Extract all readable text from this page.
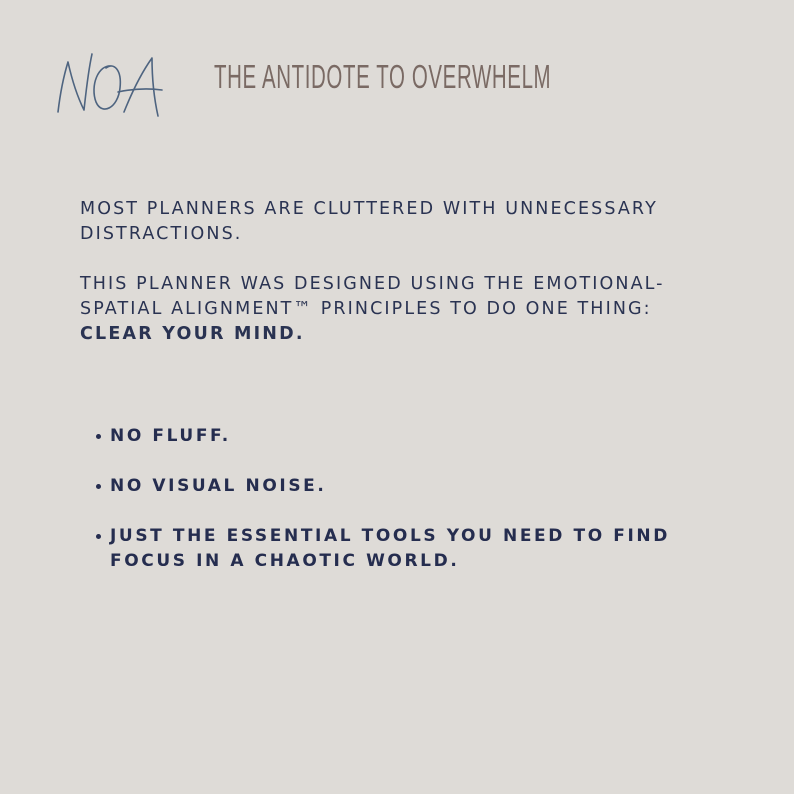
NOA
THE ANTIDOTE TO OVERWHELM

MOST PLANNERS ARE CLUTTERED WITH UNNECESSARY DISTRACTIONS.

THIS PLANNER WAS DESIGNED USING THE EMOTIONAL-SPATIAL ALIGNMENT™ PRINCIPLES TO DO ONE THING: CLEAR YOUR MIND.

NO FLUFF.
NO VISUAL NOISE.
JUST THE ESSENTIAL TOOLS YOU NEED TO FIND FOCUS IN A CHAOTIC WORLD.
